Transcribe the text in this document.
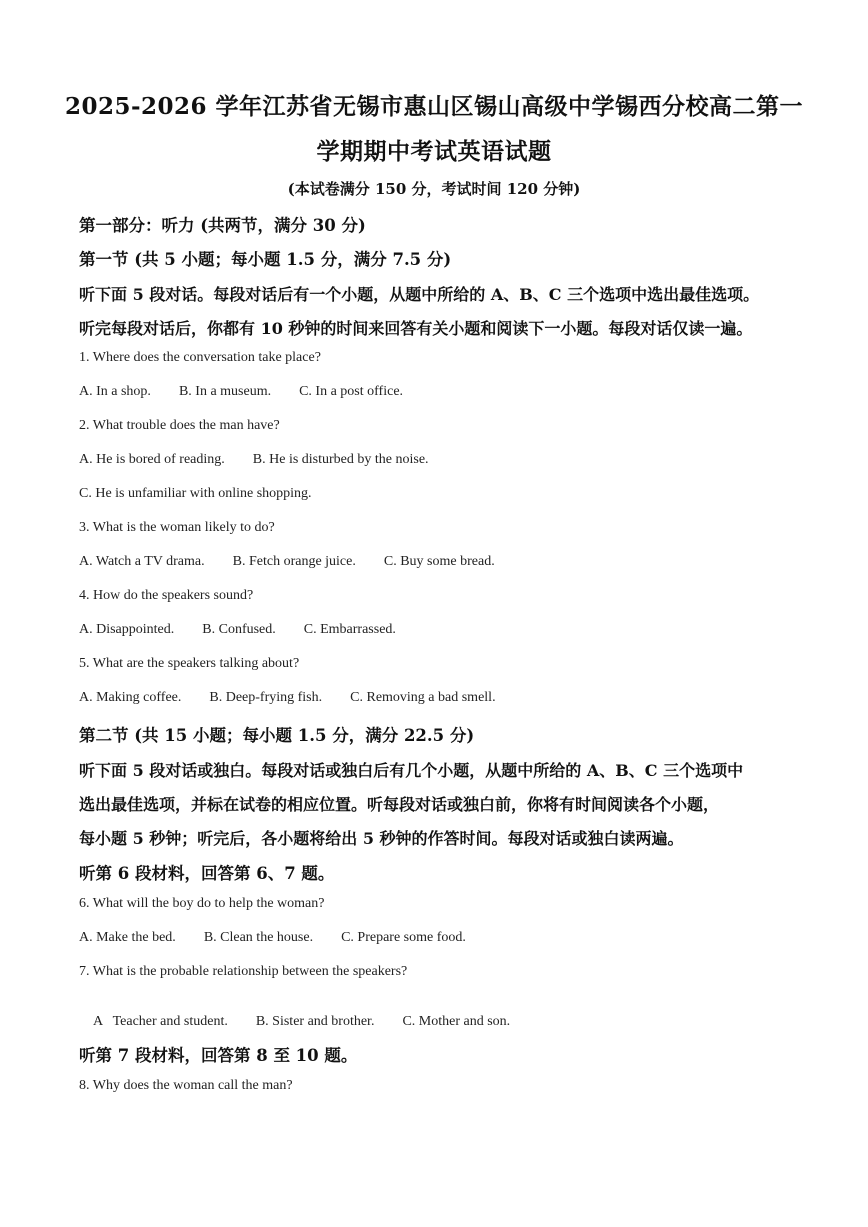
2025-2026 学年江苏省无锡市惠山区锡山高级中学锡西分校高二第一
学期期中考试英语试题
(本试卷满分 150 分，考试时间 120 分钟)
第一部分：听力 (共两节，满分 30 分)
第一节 (共 5 小题；每小题 1.5 分，满分 7.5 分)
听下面 5 段对话。每段对话后有一个小题，从题中所给的 A、B、C 三个选项中选出最佳选项。
听完每段对话后，你都有 10 秒钟的时间来回答有关小题和阅读下一小题。每段对话仅读一遍。
1. Where does the conversation take place?
A. In a shop. B. In a museum. C. In a post office.
2. What trouble does the man have?
A. He is bored of reading. B. He is disturbed by the noise.
C. He is unfamiliar with online shopping.
3. What is the woman likely to do?
A. Watch a TV drama. B. Fetch orange juice. C. Buy some bread.
4. How do the speakers sound?
A. Disappointed. B. Confused. C. Embarrassed.
5. What are the speakers talking about?
A. Making coffee. B. Deep-frying fish. C. Removing a bad smell.
第二节 (共 15 小题；每小题 1.5 分，满分 22.5 分)
听下面 5 段对话或独白。每段对话或独白后有几个小题，从题中所给的 A、B、C 三个选项中
选出最佳选项，并标在试卷的相应位置。听每段对话或独白前，你将有时间阅读各个小题，
每小题 5 秒钟；听完后，各小题将给出 5 秒钟的作答时间。每段对话或独白读两遍。
听第 6 段材料，回答第 6、7 题。
6. What will the boy do to help the woman?
A. Make the bed. B. Clean the house. C. Prepare some food.
7. What is the probable relationship between the speakers?

A   Teacher and student. B. Sister and brother. C. Mother and son.

听第 7 段材料，回答第 8 至 10 题。
8. Why does the woman call the man?
